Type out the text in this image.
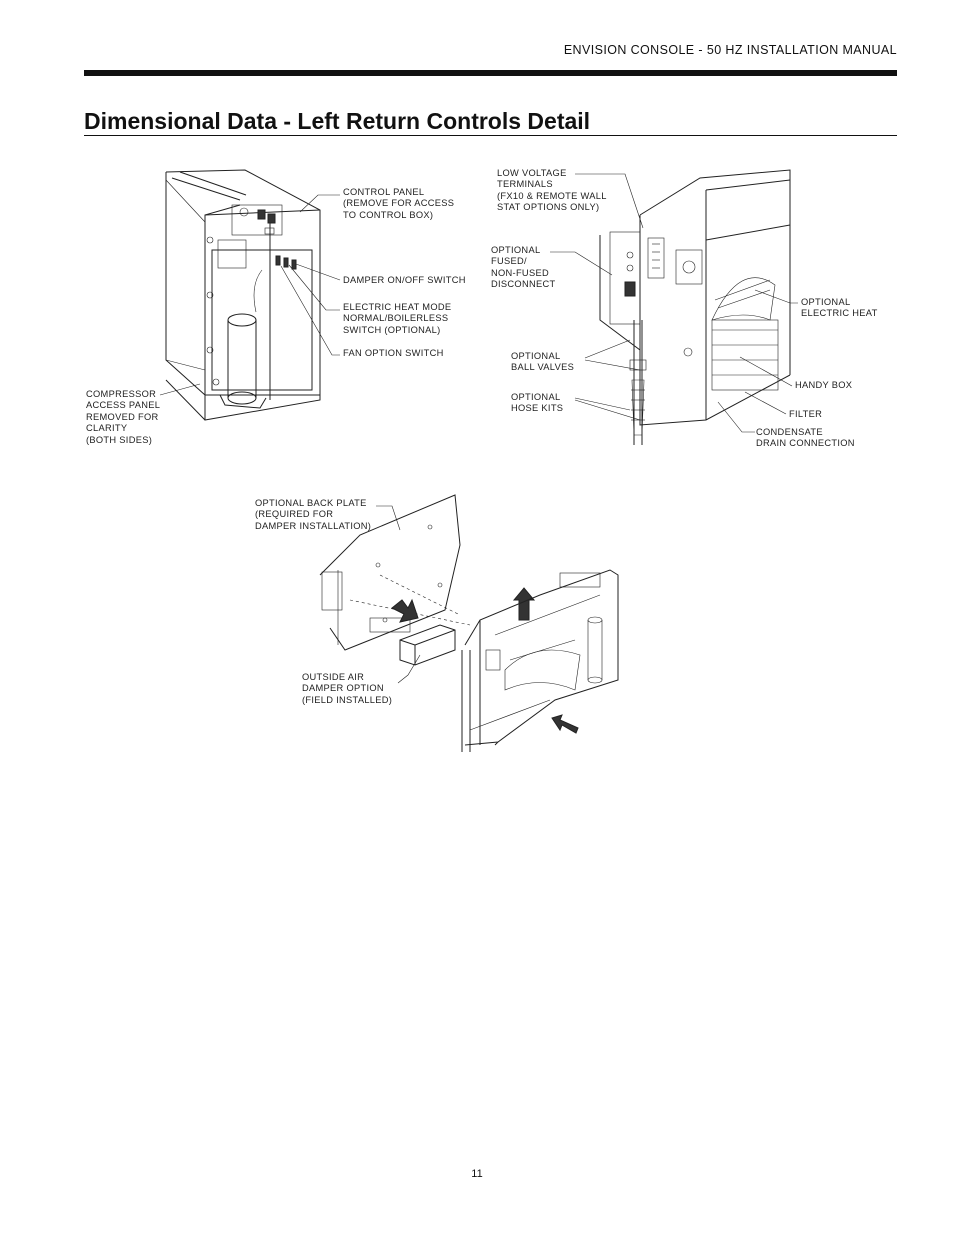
ENVISION CONSOLE - 50 HZ INSTALLATION MANUAL
Dimensional Data - Left Return Controls Detail
CONTROL PANEL
(REMOVE FOR ACCESS
TO CONTROL BOX)
DAMPER ON/OFF SWITCH
ELECTRIC HEAT MODE
NORMAL/BOILERLESS
SWITCH (OPTIONAL)
FAN OPTION SWITCH
COMPRESSOR
ACCESS PANEL
REMOVED FOR
CLARITY
(BOTH SIDES)
LOW VOLTAGE
TERMINALS
(FX10 & REMOTE WALL
STAT OPTIONS ONLY)
OPTIONAL
FUSED/
NON-FUSED
DISCONNECT
OPTIONAL
BALL VALVES
OPTIONAL
HOSE KITS
OPTIONAL
ELECTRIC HEAT
HANDY BOX
FILTER
CONDENSATE
DRAIN CONNECTION
OPTIONAL BACK PLATE
(REQUIRED FOR
DAMPER INSTALLATION)
OUTSIDE AIR
DAMPER OPTION
(FIELD INSTALLED)
11
